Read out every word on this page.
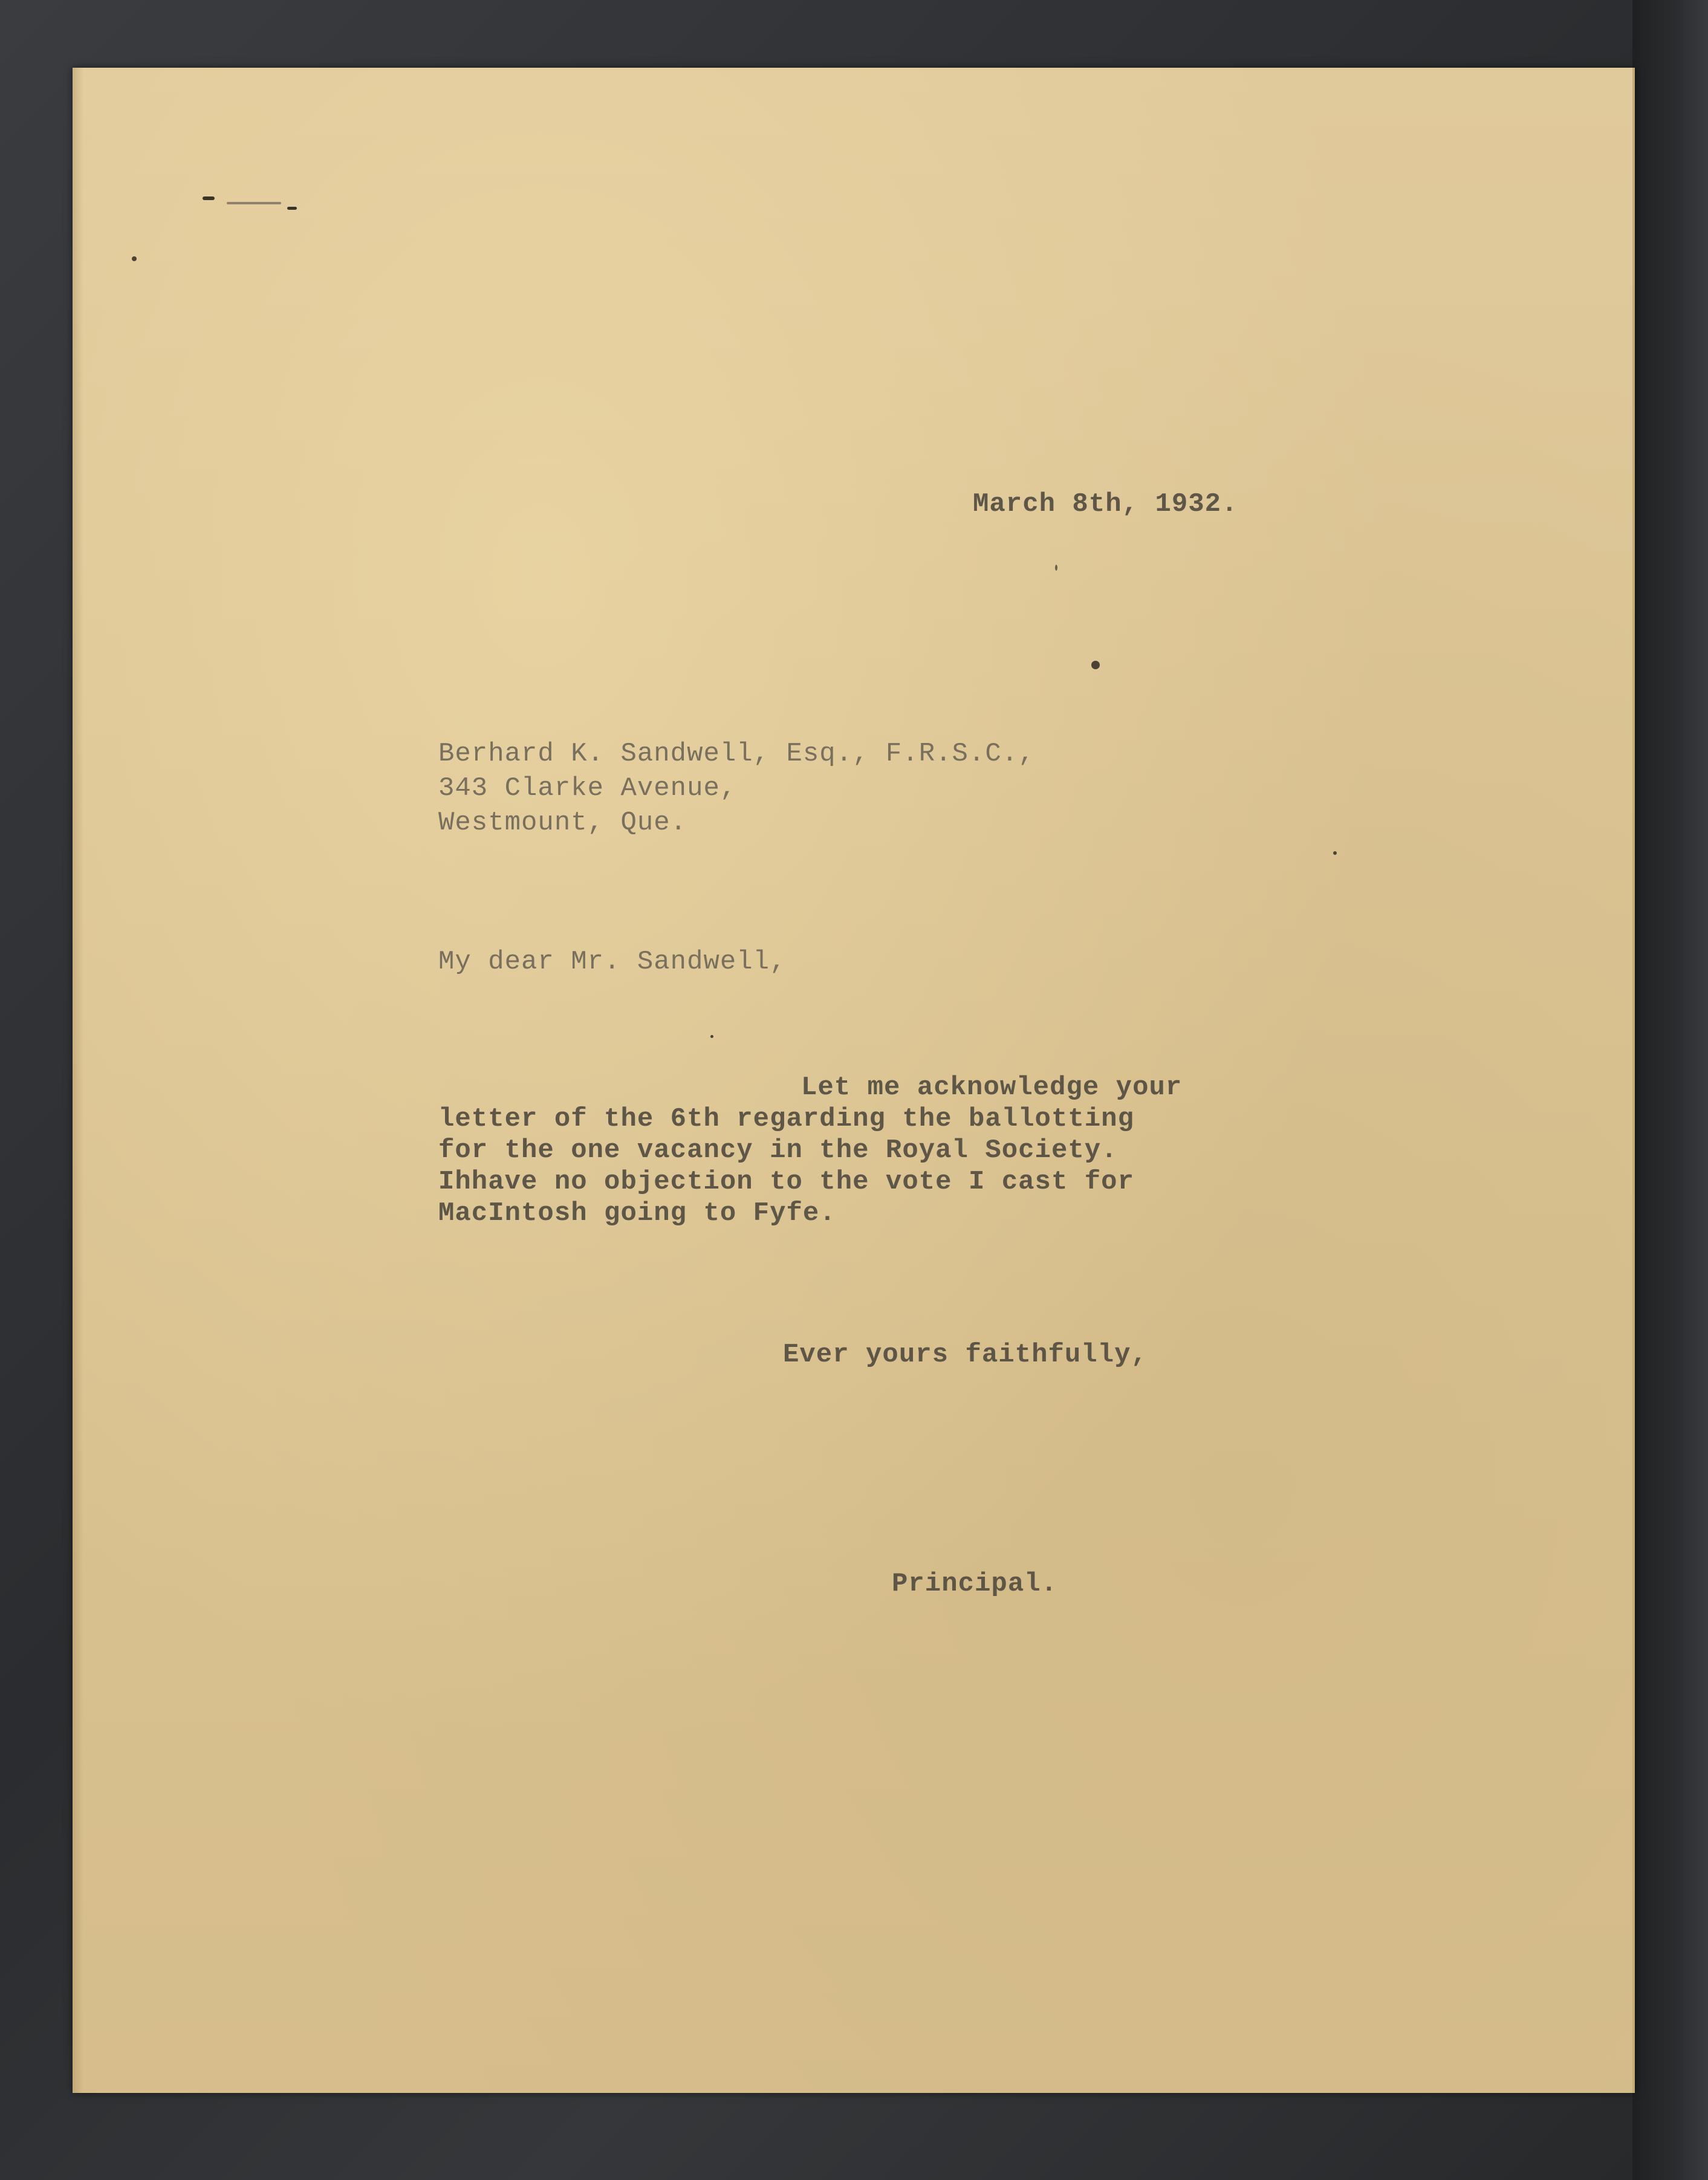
March 8th, 1932.
Berhard K. Sandwell, Esq., F.R.S.C.,
343 Clarke Avenue,
Westmount, Que.
My dear Mr. Sandwell,
Let me acknowledge your
letter of the 6th regarding the ballotting
for the one vacancy in the Royal Society.
Ihhave no objection to the vote I cast for
MacIntosh going to Fyfe.
Ever yours faithfully,
Principal.
